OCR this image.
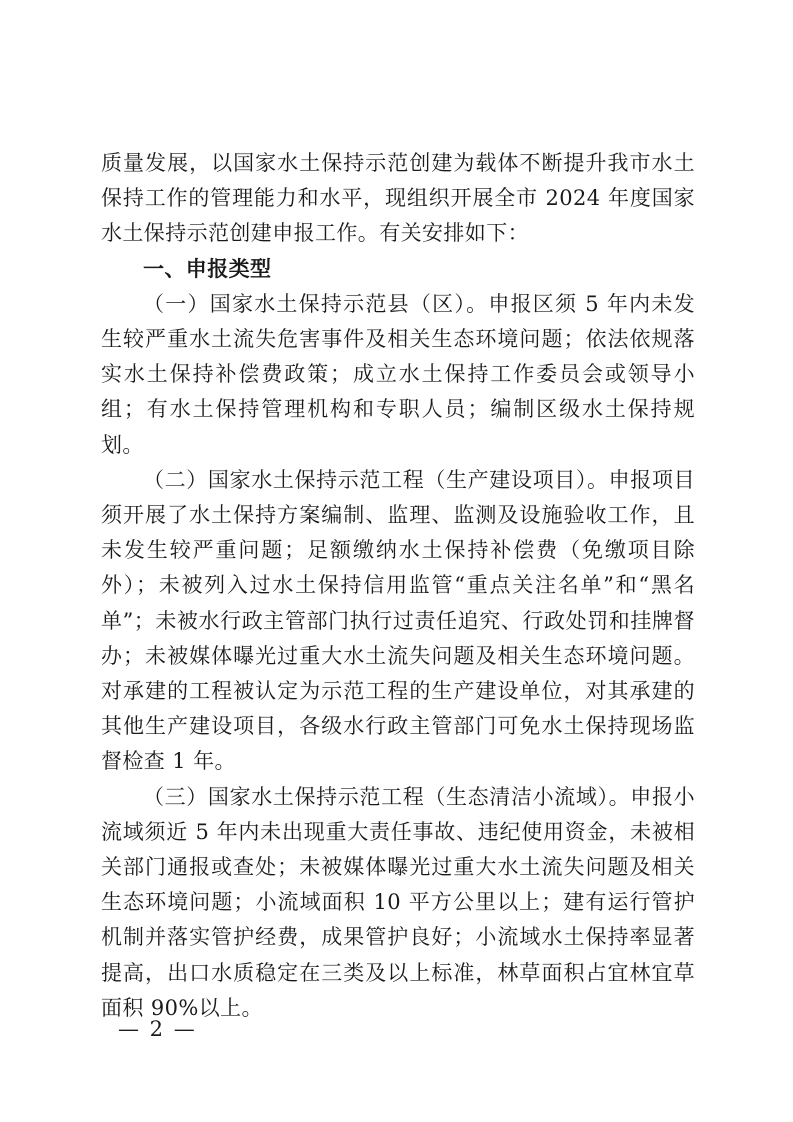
质量发展，以国家水土保持示范创建为载体不断提升我市水土保持工作的管理能力和水平，现组织开展全市 2024 年度国家水土保持示范创建申报工作。有关安排如下：

一、申报类型

（一）国家水土保持示范县（区）。申报区须 5 年内未发生较严重水土流失危害事件及相关生态环境问题；依法依规落实水土保持补偿费政策；成立水土保持工作委员会或领导小组；有水土保持管理机构和专职人员；编制区级水土保持规划。

（二）国家水土保持示范工程（生产建设项目）。申报项目须开展了水土保持方案编制、监理、监测及设施验收工作，且未发生较严重问题；足额缴纳水土保持补偿费（免缴项目除外）；未被列入过水土保持信用监管“重点关注名单”和“黑名单”；未被水行政主管部门执行过责任追究、行政处罚和挂牌督办；未被媒体曝光过重大水土流失问题及相关生态环境问题。对承建的工程被认定为示范工程的生产建设单位，对其承建的其他生产建设项目，各级水行政主管部门可免水土保持现场监督检查 1 年。

（三）国家水土保持示范工程（生态清洁小流域）。申报小流域须近 5 年内未出现重大责任事故、违纪使用资金，未被相关部门通报或查处；未被媒体曝光过重大水土流失问题及相关生态环境问题；小流域面积 10 平方公里以上；建有运行管护机制并落实管护经费，成果管护良好；小流域水土保持率显著提高，出口水质稳定在三类及以上标准，林草面积占宜林宜草面积 90%以上。

— 2 —
